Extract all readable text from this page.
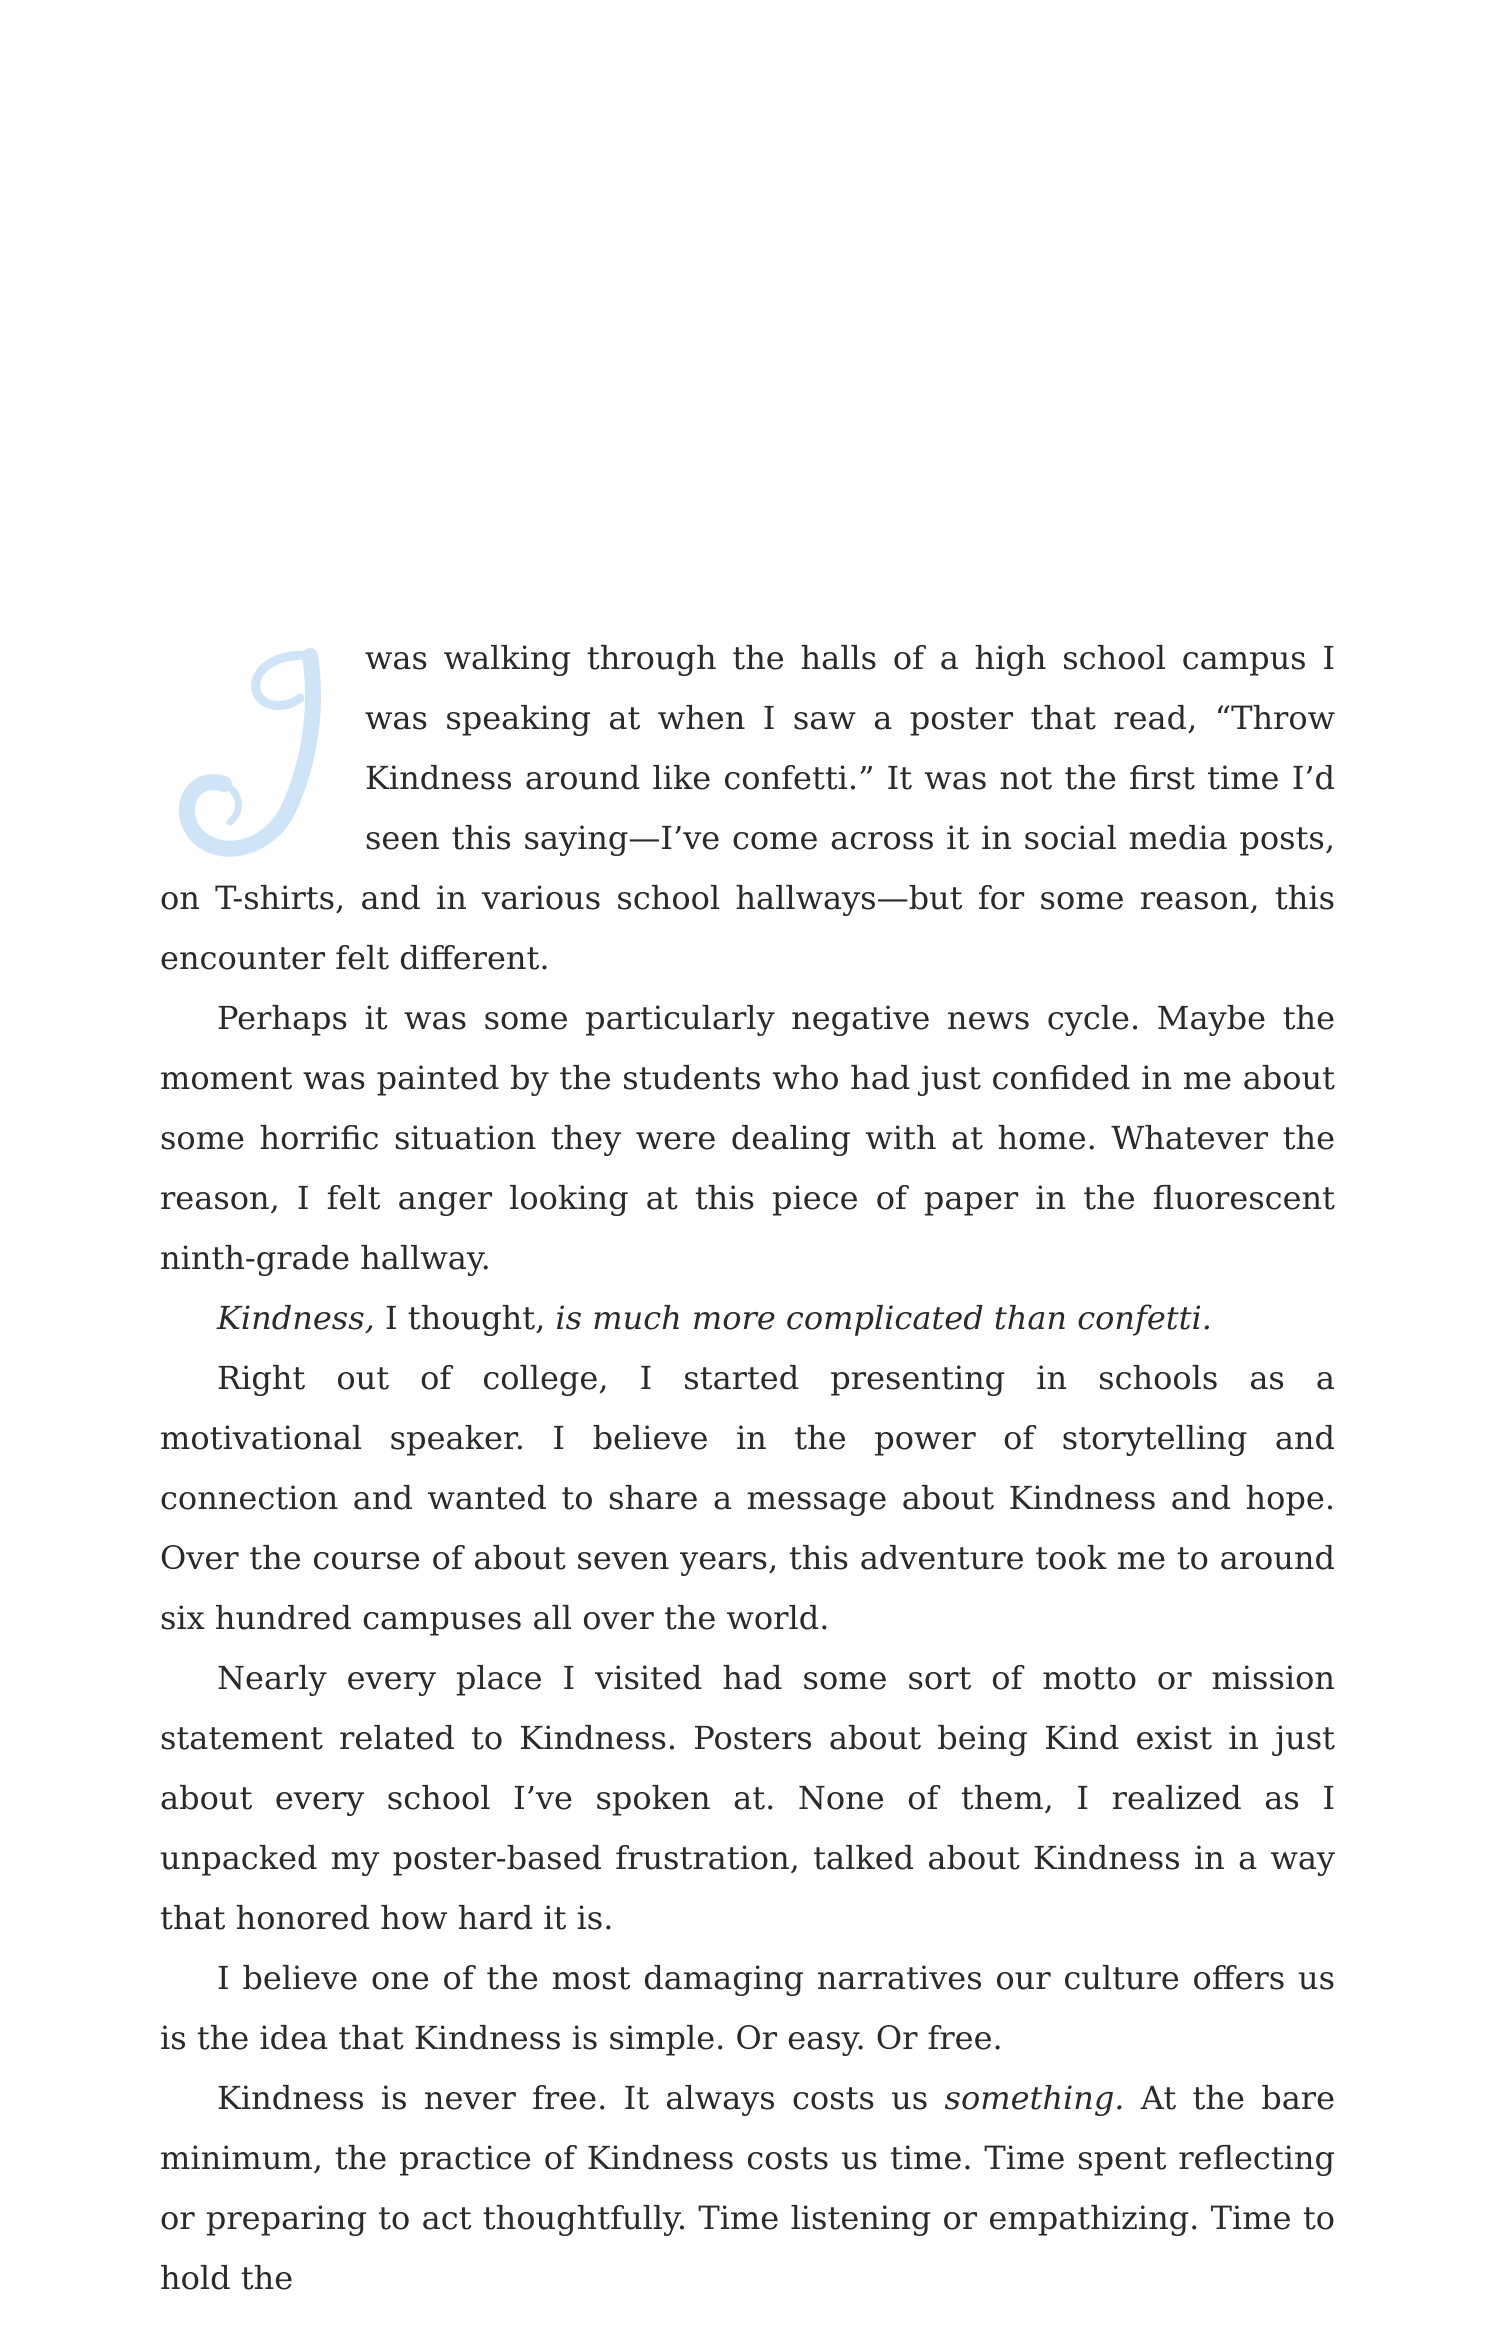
was walking through the halls of a high school campus I was speaking at when I saw a poster that read, “Throw Kindness around like confetti.” It was not the first time I’d seen this saying—I’ve come across it in social media posts, on T-shirts, and in various school hallways—but for some reason, this encounter felt different.

Perhaps it was some particularly negative news cycle. Maybe the moment was painted by the students who had just confided in me about some horrific situation they were dealing with at home. Whatever the reason, I felt anger looking at this piece of paper in the fluorescent ninth-grade hallway.

Kindness, I thought, is much more complicated than confetti.

Right out of college, I started presenting in schools as a motivational speaker. I believe in the power of storytelling and connection and wanted to share a message about Kindness and hope. Over the course of about seven years, this adventure took me to around six hundred campuses all over the world.

Nearly every place I visited had some sort of motto or mission statement related to Kindness. Posters about being Kind exist in just about every school I’ve spoken at. None of them, I realized as I unpacked my poster-based frustration, talked about Kindness in a way that honored how hard it is.

I believe one of the most damaging narratives our culture offers us is the idea that Kindness is simple. Or easy. Or free.

Kindness is never free. It always costs us something. At the bare minimum, the practice of Kindness costs us time. Time spent reflecting or preparing to act thoughtfully. Time listening or empathizing. Time to hold the
